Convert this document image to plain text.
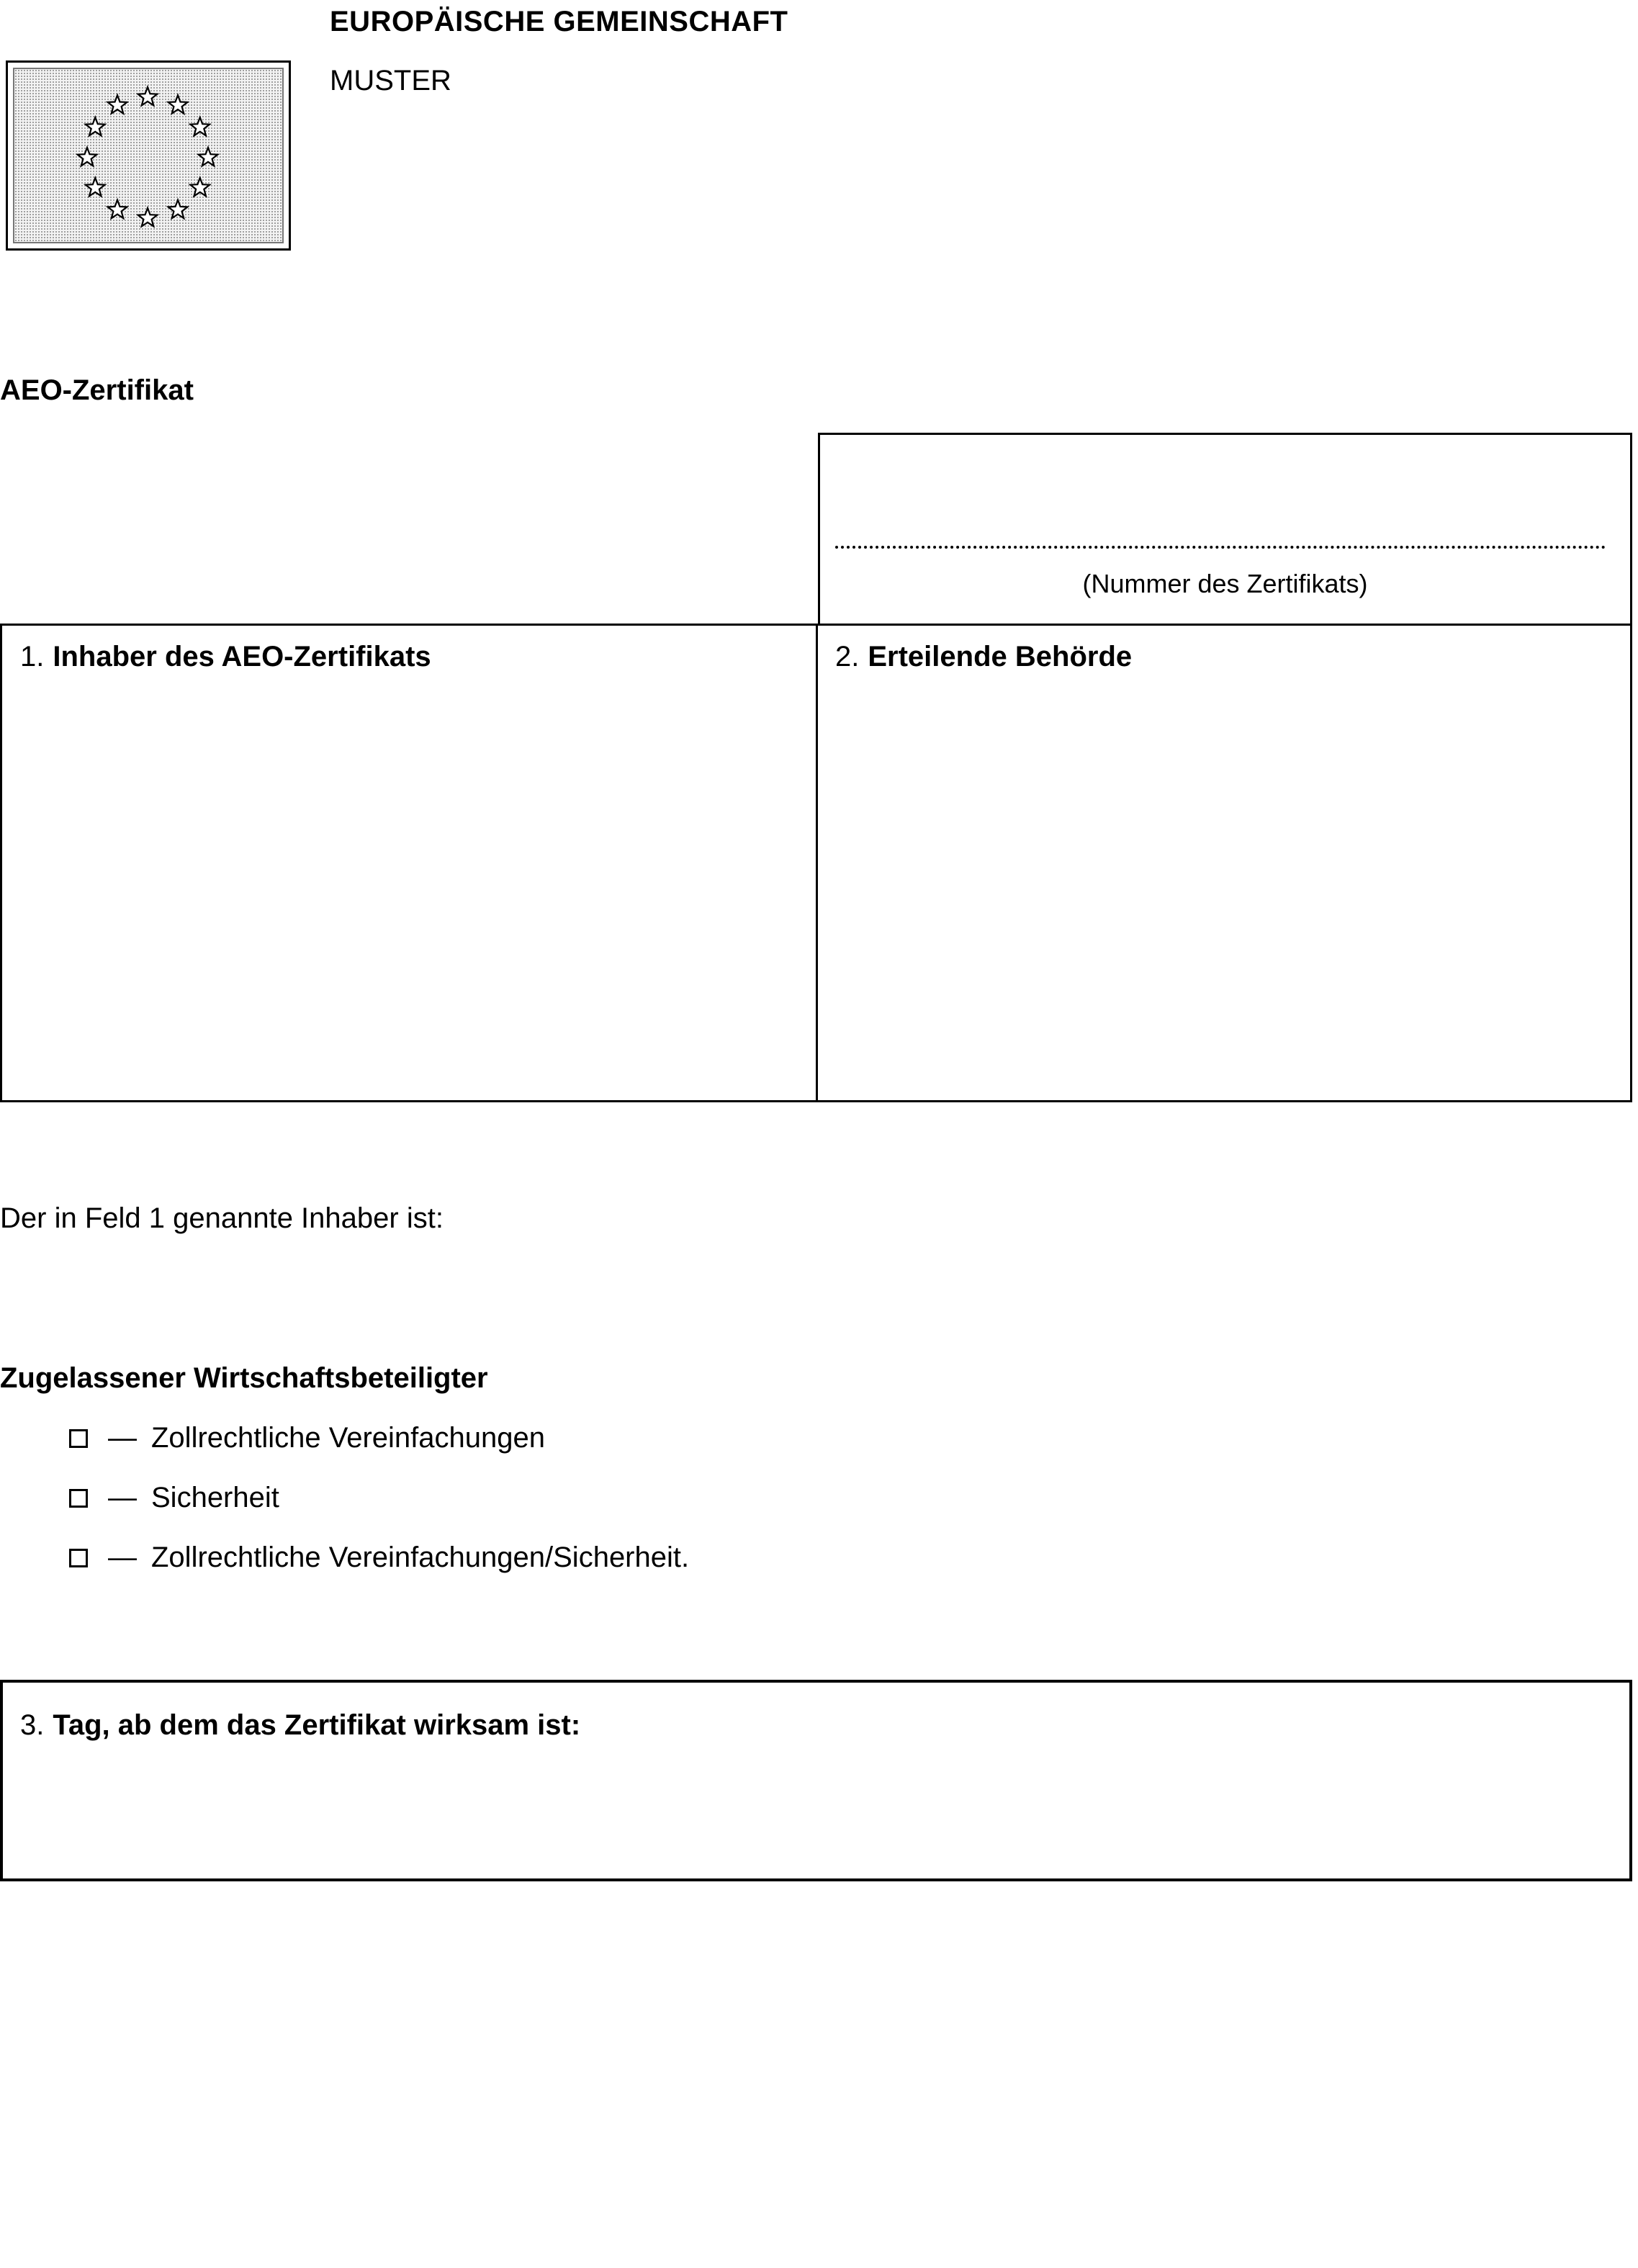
EUROPÄISCHE GEMEINSCHAFT
MUSTER
AEO-Zertifikat
(Nummer des Zertifikats)
1. Inhaber des AEO-Zertifikats	2. Erteilende Behörde
Der in Feld 1 genannte Inhaber ist:
Zugelassener Wirtschaftsbeteiligter
— Zollrechtliche Vereinfachungen
— Sicherheit
— Zollrechtliche Vereinfachungen/Sicherheit.
3. Tag, ab dem das Zertifikat wirksam ist:
